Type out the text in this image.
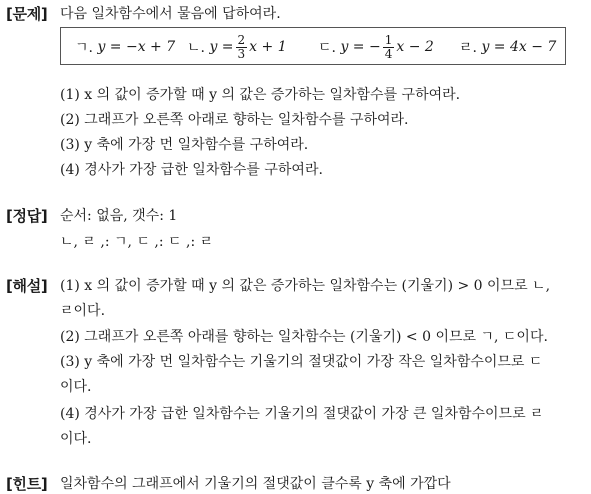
[문제] 다음 일차함수에서 물음에 답하여라.
ㄱ.
y = −x + 7 ㄴ.
$y = \frac{2}{3}$ x + 1 ㄷ.
y = − $\frac{1}{4}$ x − 2 ㄹ.
y = 4x − 7
(1) x 의 값이 증가할 때 y 의 값은 증가하는 일차함수를 구하여라.
(2) 그래프가 오른쪽 아래로 향하는 일차함수를 구하여라.
(3) y 축에 가장 먼 일차함수를 구하여라.
(4) 경사가 가장 급한 일차함수를 구하여라.
[정답] 순서: 없음, 갯수: 1
ㄴ, ㄹ ,: ㄱ, ㄷ ,: ㄷ ,: ㄹ
[해설] (1) x 의 값이 증가할 때 y 의 값은 증가하는 일차함수는 (기울기) > 0 이므로 ㄴ,
ㄹ이다.
(2) 그래프가 오른쪽 아래를 향하는 일차함수는 (기울기) < 0 이므로 ㄱ, ㄷ이다.
(3) y 축에 가장 먼 일차함수는 기울기의 절댓값이 가장 작은 일차함수이므로 ㄷ
이다.
(4) 경사가 가장 급한 일차함수는 기울기의 절댓값이 가장 큰 일차함수이므로 ㄹ
이다.
[힌트] 일차함수의 그래프에서 기울기의 절댓값이 클수록 y 축에 가깝다
